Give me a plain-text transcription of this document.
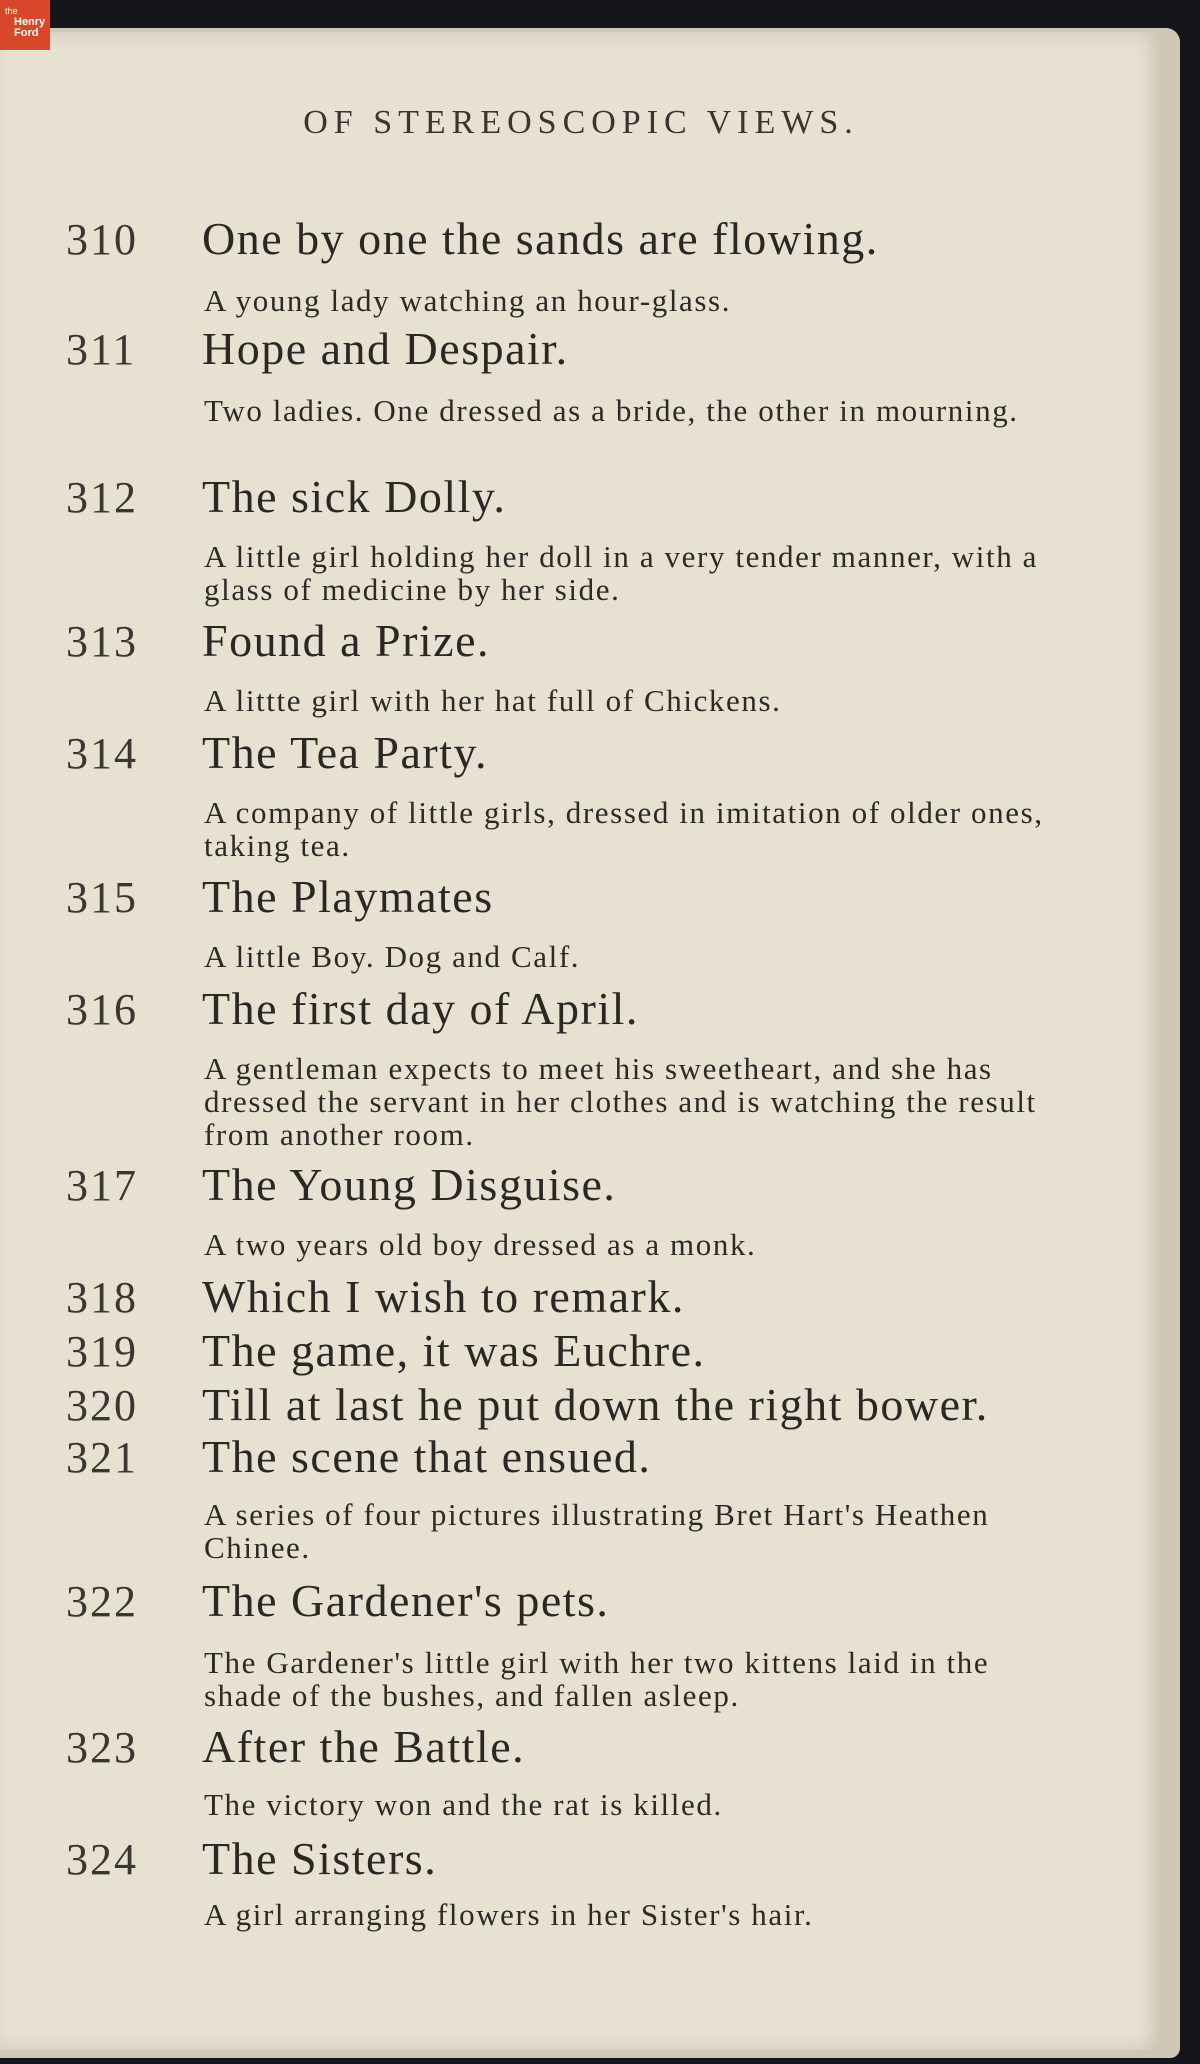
the
Henry
Ford
OF STEREOSCOPIC VIEWS.
310	One by one the sands are flowing.
A young lady watching an hour-glass.
311	Hope and Despair.
Two ladies. One dressed as a bride, the other in mourning.
312	The sick Dolly.
A little girl holding her doll in a very tender manner, with a glass of medicine by her side.
313	Found a Prize.
A littte girl with her hat full of Chickens.
314	The Tea Party.
A company of little girls, dressed in imitation of older ones, taking tea.
315	The Playmates
A little Boy. Dog and Calf.
316	The first day of April.
A gentleman expects to meet his sweetheart, and she has dressed the servant in her clothes and is watching the result from another room.
317	The Young Disguise.
A two years old boy dressed as a monk.
318	Which I wish to remark.
319	The game, it was Euchre.
320	Till at last he put down the right bower.
321	The scene that ensued.
A series of four pictures illustrating Bret Hart's Heathen Chinee.
322	The Gardener's pets.
The Gardener's little girl with her two kittens laid in the shade of the bushes, and fallen asleep.
323	After the Battle.
The victory won and the rat is killed.
324	The Sisters.
A girl arranging flowers in her Sister's hair.
